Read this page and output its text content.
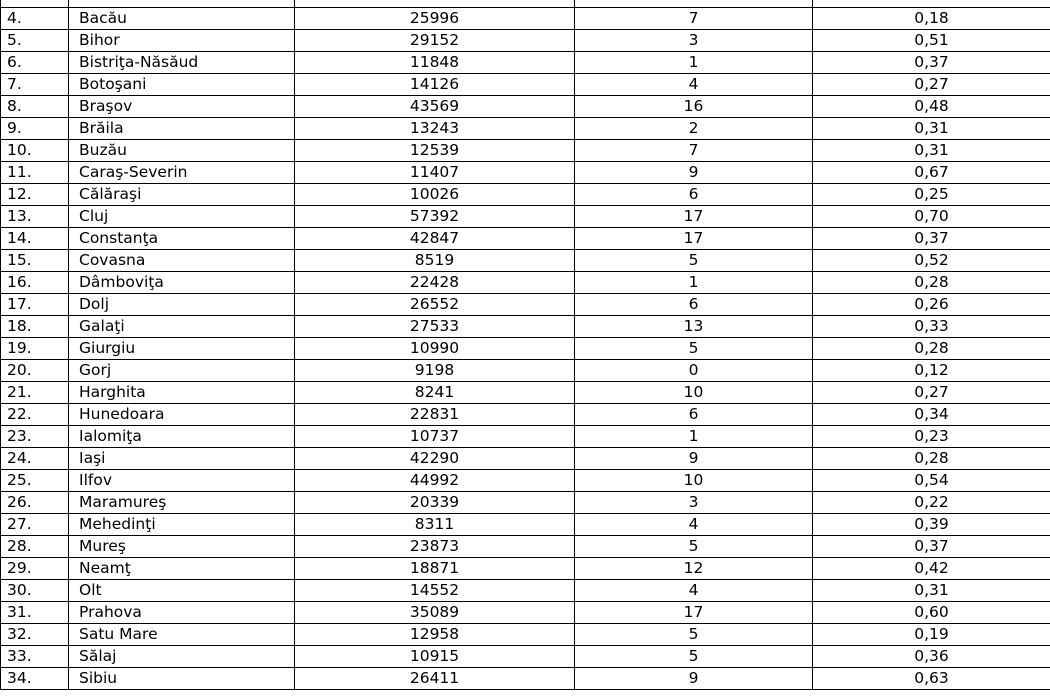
4.	Bacău	25996	7	0,18
5.	Bihor	29152	3	0,51
6.	Bistriţa-Năsăud	11848	1	0,37
7.	Botoşani	14126	4	0,27
8.	Braşov	43569	16	0,48
9.	Brăila	13243	2	0,31
10.	Buzău	12539	7	0,31
11.	Caraş-Severin	11407	9	0,67
12.	Călăraşi	10026	6	0,25
13.	Cluj	57392	17	0,70
14.	Constanţa	42847	17	0,37
15.	Covasna	8519	5	0,52
16.	Dâmboviţa	22428	1	0,28
17.	Dolj	26552	6	0,26
18.	Galaţi	27533	13	0,33
19.	Giurgiu	10990	5	0,28
20.	Gorj	9198	0	0,12
21.	Harghita	8241	10	0,27
22.	Hunedoara	22831	6	0,34
23.	Ialomiţa	10737	1	0,23
24.	Iaşi	42290	9	0,28
25.	Ilfov	44992	10	0,54
26.	Maramureş	20339	3	0,22
27.	Mehedinţi	8311	4	0,39
28.	Mureş	23873	5	0,37
29.	Neamţ	18871	12	0,42
30.	Olt	14552	4	0,31
31.	Prahova	35089	17	0,60
32.	Satu Mare	12958	5	0,19
33.	Sălaj	10915	5	0,36
34.	Sibiu	26411	9	0,63
